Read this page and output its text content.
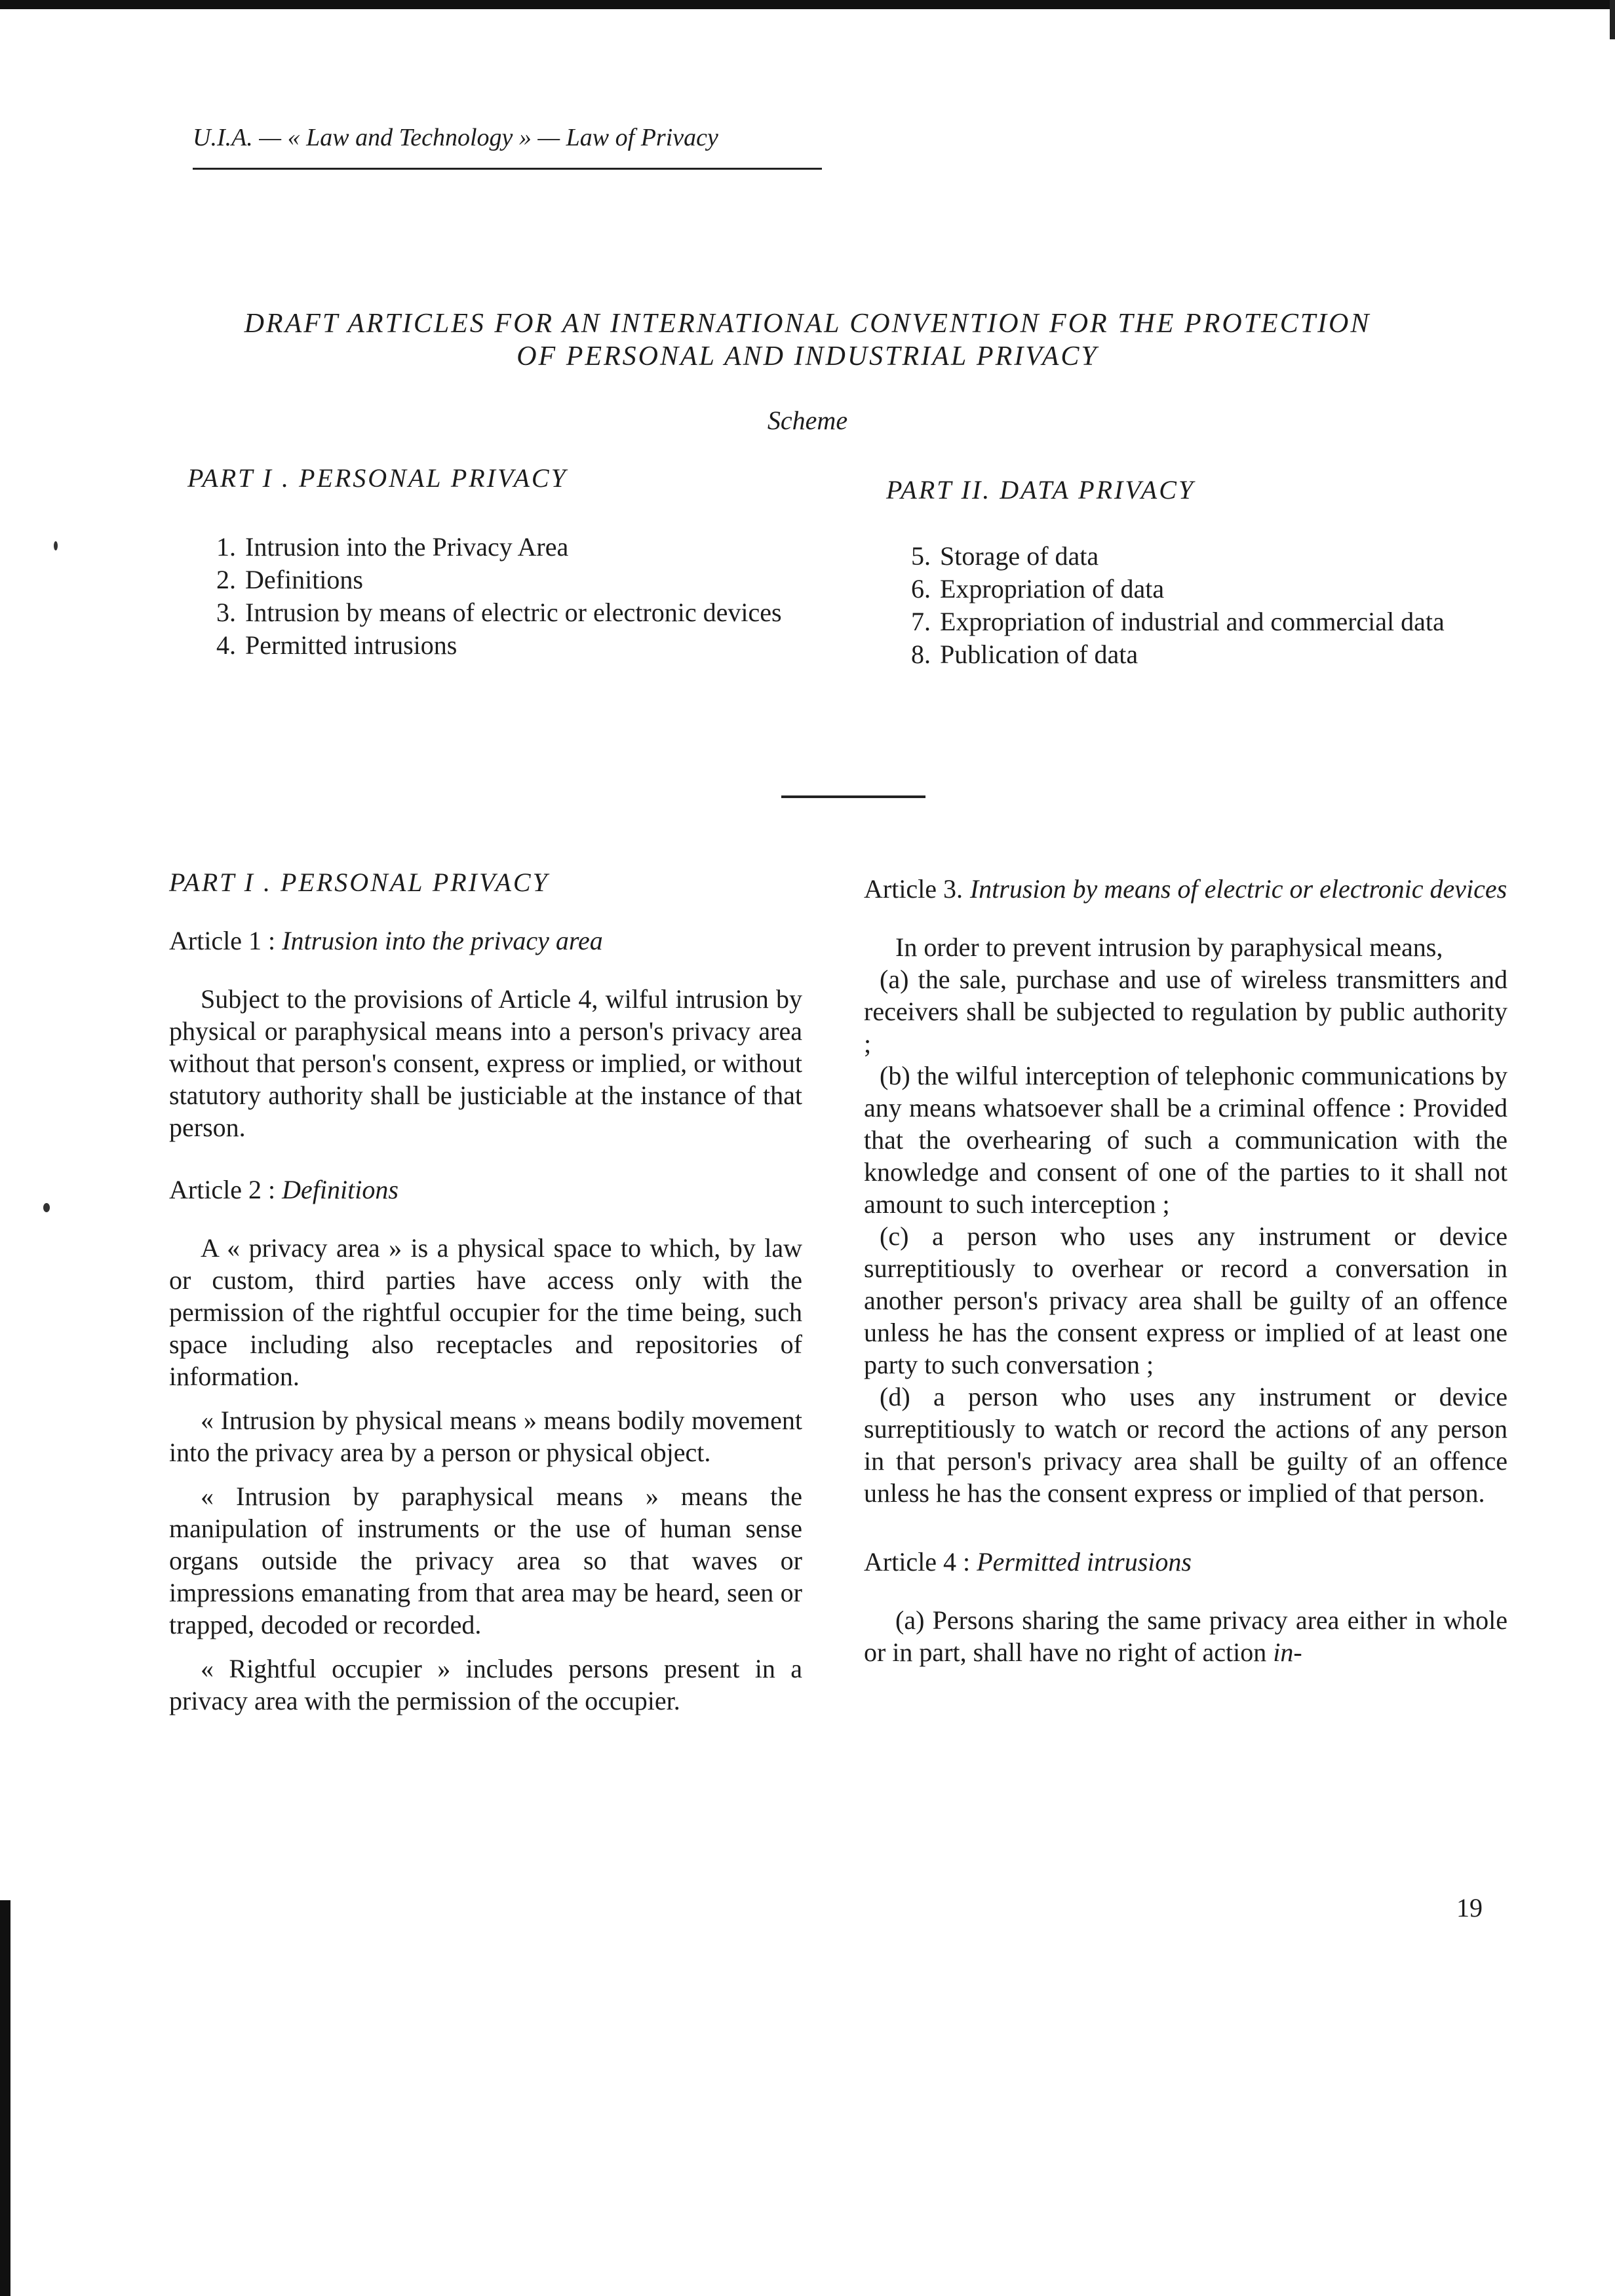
U.I.A. — « Law and Technology » — Law of Privacy
DRAFT ARTICLES FOR AN INTERNATIONAL CONVENTION FOR THE PROTECTION
OF PERSONAL AND INDUSTRIAL PRIVACY
Scheme
PART I . PERSONAL PRIVACY
1. Intrusion into the Privacy Area
2. Definitions
3. Intrusion by means of electric or electronic devices
4. Permitted intrusions
PART II. DATA PRIVACY
5. Storage of data
6. Expropriation of data
7. Expropriation of industrial and commercial data
8. Publication of data
PART I . PERSONAL PRIVACY
Article 1 : Intrusion into the privacy area

Subject to the provisions of Article 4, wilful intrusion by physical or paraphysical means into a person's privacy area without that person's consent, express or implied, or without statutory authority shall be justiciable at the instance of that person.

Article 2 : Definitions

A « privacy area » is a physical space to which, by law or custom, third parties have access only with the permission of the rightful occupier for the time being, such space including also receptacles and repositories of information.

« Intrusion by physical means » means bodily movement into the privacy area by a person or physical object.

« Intrusion by paraphysical means » means the manipulation of instruments or the use of human sense organs outside the privacy area so that waves or impressions emanating from that area may be heard, seen or trapped, decoded or recorded.

« Rightful occupier » includes persons present in a privacy area with the permission of the occupier.

Article 3.
Intrusion by means of electric or electronic devices

In order to prevent intrusion by paraphysical means,

(a) the sale, purchase and use of wireless transmitters and receivers shall be subjected to regulation by public authority ;

(b) the wilful interception of telephonic communications by any means whatsoever shall be a criminal offence : Provided that the overhearing of such a communication with the knowledge and consent of one of the parties to it shall not amount to such interception ;

(c) a person who uses any instrument or device surreptitiously to overhear or record a conversation in another person's privacy area shall be guilty of an offence unless he has the consent express or implied of at least one party to such conversation ;

(d) a person who uses any instrument or device surreptitiously to watch or record the actions of any person in that person's privacy area shall be guilty of an offence unless he has the consent express or implied of that person.

Article 4 : Permitted intrusions

(a) Persons sharing the same privacy area either in whole or in part, shall have no right of action in-

19
